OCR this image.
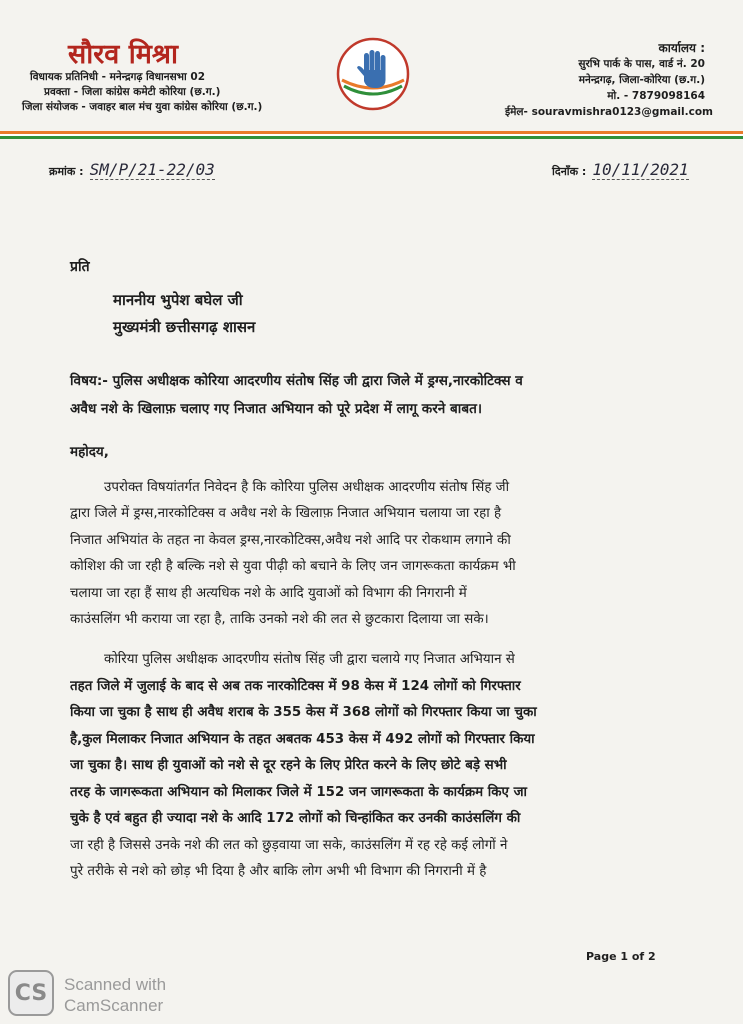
सौरव मिश्रा
विधायक प्रतिनिधी - मनेन्द्रगढ़ विधानसभा 02
प्रवक्ता - जिला कांग्रेस कमेटी कोरिया (छ.ग.)
जिला संयोजक - जवाहर बाल मंच युवा कांग्रेस कोरिया (छ.ग.)
कार्यालय :
सुरभि पार्क के पास, वार्ड नं. 20
मनेन्द्रगढ़, जिला-कोरिया (छ.ग.)
मो. - 7879098164
ईमेल- souravmishra0123@gmail.com
क्रमांक : SM/P/21-22/03	दिनाँक : 10/11/2021
प्रति
माननीय भुपेश बघेल जी
मुख्यमंत्री छत्तीसगढ़ शासन
विषय:- पुलिस अधीक्षक कोरिया आदरणीय संतोष सिंह जी द्वारा जिले में ड्रग्स,नारकोटिक्स व
अवैध नशे के खिलाफ़ चलाए गए निजात अभियान को पूरे प्रदेश में लागू करने बाबत।
महोदय,
उपरोक्त विषयांतर्गत निवेदन है कि कोरिया पुलिस अधीक्षक आदरणीय संतोष सिंह जी
द्वारा जिले में ड्रग्स,नारकोटिक्स व अवैध नशे के खिलाफ़ निजात अभियान चलाया जा रहा है
निजात अभियांत के तहत ना केवल ड्रग्स,नारकोटिक्स,अवैध नशे आदि पर रोकथाम लगाने की
कोशिश की जा रही है बल्कि नशे से युवा पीढ़ी को बचाने के लिए जन जागरूकता कार्यक्रम भी
चलाया जा रहा हैं साथ ही अत्यधिक नशे के आदि युवाओं को विभाग की निगरानी में
काउंसलिंग भी कराया जा रहा है, ताकि उनको नशे की लत से छुटकारा दिलाया जा सके।
कोरिया पुलिस अधीक्षक आदरणीय संतोष सिंह जी द्वारा चलाये गए निजात अभियान से
तहत जिले में जुलाई के बाद से अब तक नारकोटिक्स में 98 केस में 124 लोगों को गिरफ्तार
किया जा चुका है साथ ही अवैध शराब के 355 केस में 368 लोगों को गिरफ्तार किया जा चुका
है,कुल मिलाकर निजात अभियान के तहत अबतक 453 केस में 492 लोगों को गिरफ्तार किया
जा चुका है। साथ ही युवाओं को नशे से दूर रहने के लिए प्रेरित करने के लिए छोटे बड़े सभी
तरह के जागरूकता अभियान को मिलाकर जिले में 152 जन जागरूकता के कार्यक्रम किए जा
चुके है एवं बहुत ही ज्यादा नशे के आदि 172 लोगों को चिन्हांकित कर उनकी काउंसलिंग की
जा रही है जिससे उनके नशे की लत को छुड़वाया जा सके, काउंसलिंग में रह रहे कई लोगों ने
पुरे तरीके से नशे को छोड़ भी दिया है और बाकि लोग अभी भी विभाग की निगरानी में है
Page 1 of 2
CS Scanned with
CamScanner
